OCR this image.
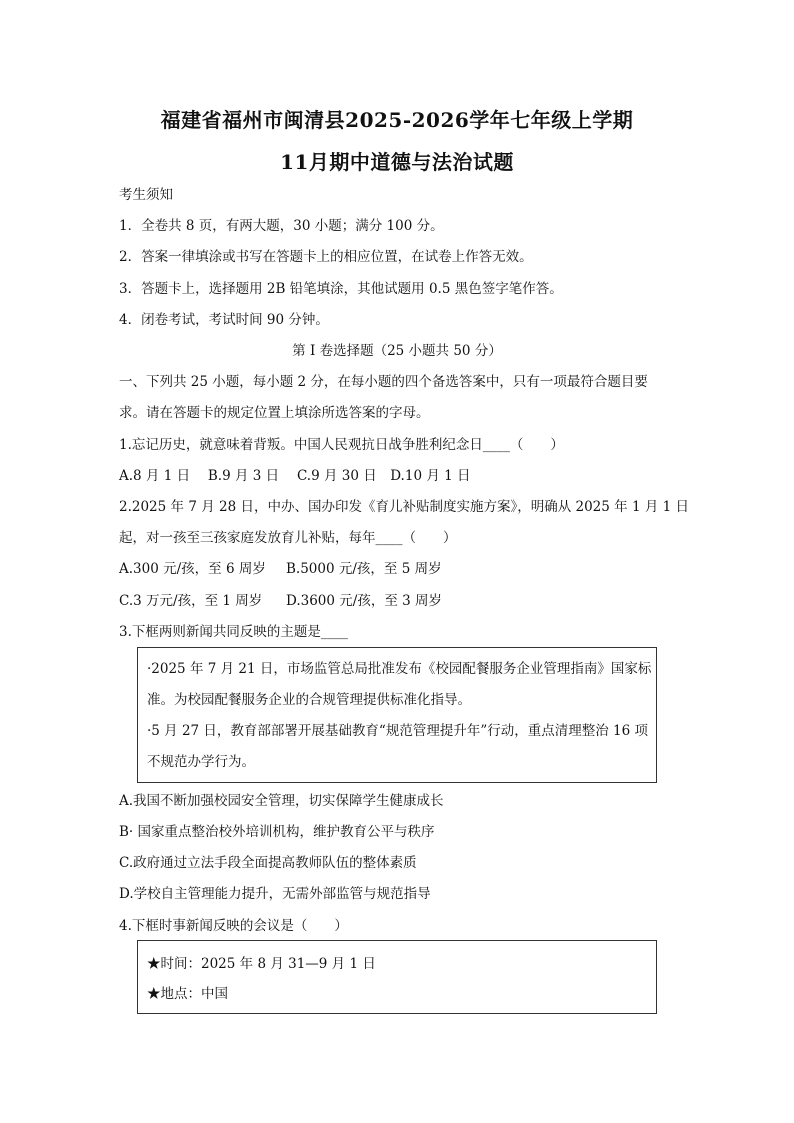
福建省福州市闽清县2025-2026学年七年级上学期
11月期中道德与法治试题
考生须知
1．全卷共 8 页，有两大题，30 小题；满分 100 分。
2．答案一律填涂或书写在答题卡上的相应位置，在试卷上作答无效。
3．答题卡上，选择题用 2B 铅笔填涂，其他试题用 0.5 黑色签字笔作答。
4．闭卷考试，考试时间 90 分钟。
第 I 卷选择题（25 小题共 50 分）
一、下列共 25 小题，每小题 2 分，在每小题的四个备选答案中，只有一项最符合题目要
求。请在答题卡的规定位置上填涂所选答案的字母。
1.忘记历史，就意味着背叛。中国人民观抗日战争胜利纪念日____（　　）
A.8 月 1 日　 B.9 月 3 日　 C.9 月 30 日　D.10 月 1 日
2.2025 年 7 月 28 日，中办、国办印发《育儿补贴制度实施方案》，明确从 2025 年 1 月 1 日
起，对一孩至三孩家庭发放育儿补贴，每年____（　　）
A.300 元/孩，至 6 周岁 B.5000 元/孩，至 5 周岁
C.3 万元/孩，至 1 周岁 D.3600 元/孩，至 3 周岁
3.下框两则新闻共同反映的主题是____
·2025 年 7 月 21 日，市场监管总局批准发布《校园配餐服务企业管理指南》国家标
准。为校园配餐服务企业的合规管理提供标准化指导。
·5 月 27 日，教育部部署开展基础教育“规范管理提升年”行动，重点清理整治 16 项
不规范办学行为。
A.我国不断加强校园安全管理，切实保障学生健康成长
B· 国家重点整治校外培训机构，维护教育公平与秩序
C.政府通过立法手段全面提高教师队伍的整体素质
D.学校自主管理能力提升，无需外部监管与规范指导
4.下框时事新闻反映的会议是（　　）
★时间：2025 年 8 月 31—9 月 1 日
★地点：中国
